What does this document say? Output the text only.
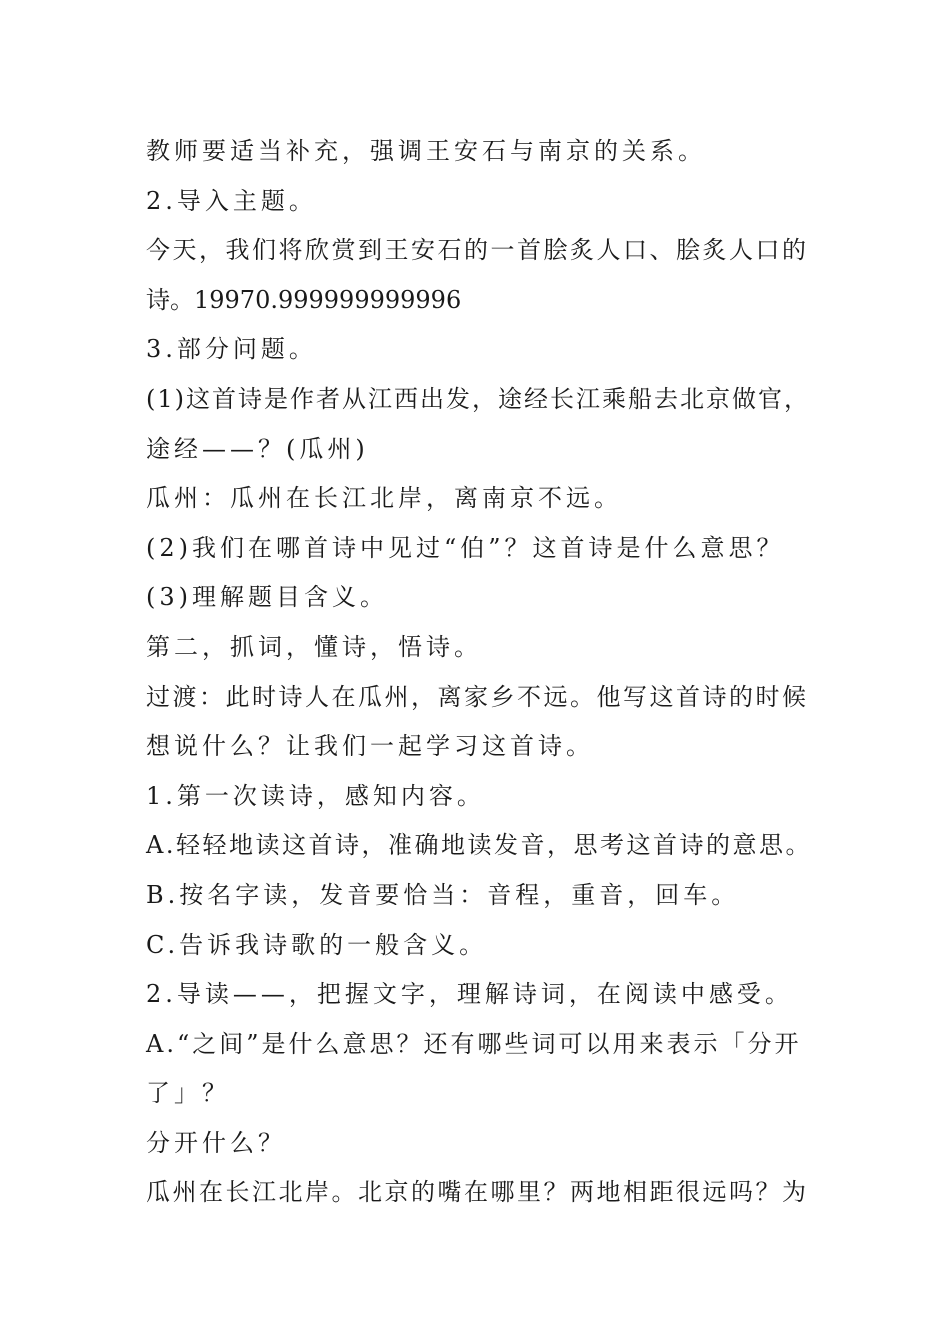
教师要适当补充，强调王安石与南京的关系。
2.导入主题。
今天，我们将欣赏到王安石的一首脍炙人口、脍炙人口的
诗。19970.999999999996
3.部分问题。
(1)这首诗是作者从江西出发，途经长江乘船去北京做官，
途经——？(瓜州)
瓜州：瓜州在长江北岸，离南京不远。
(2)我们在哪首诗中见过“伯”？这首诗是什么意思？
(3)理解题目含义。
第二，抓词，懂诗，悟诗。
过渡：此时诗人在瓜州，离家乡不远。他写这首诗的时候
想说什么？让我们一起学习这首诗。
1.第一次读诗，感知内容。
A.轻轻地读这首诗，准确地读发音，思考这首诗的意思。
B.按名字读，发音要恰当：音程，重音，回车。
C.告诉我诗歌的一般含义。
2.导读——，把握文字，理解诗词，在阅读中感受。
A.“之间”是什么意思？还有哪些词可以用来表示「分开
了」？
分开什么？
瓜州在长江北岸。北京的嘴在哪里？两地相距很远吗？为
